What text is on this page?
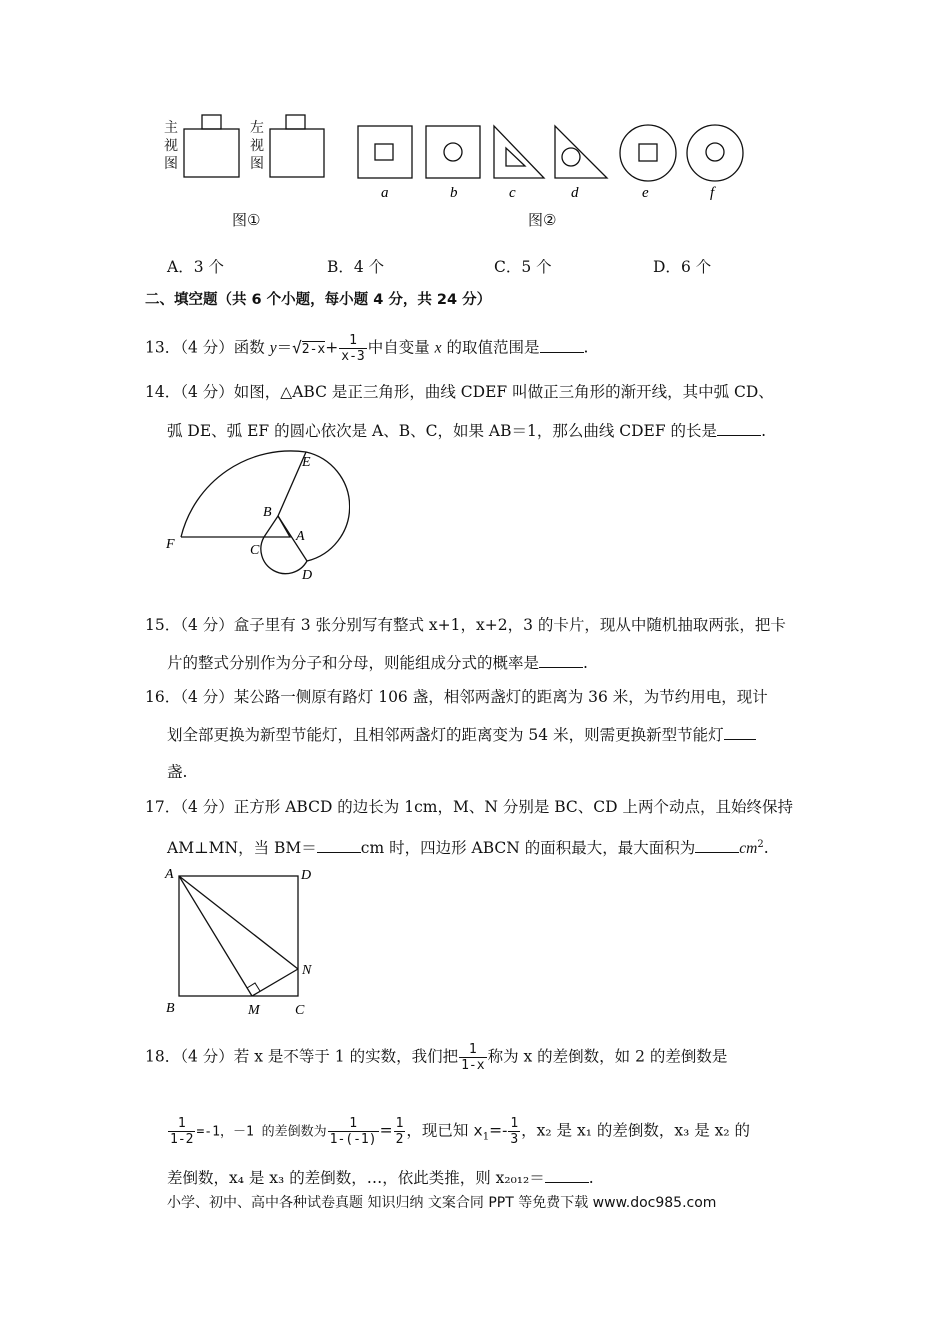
a	b	c	d	e	f
主
视
图
左
视
图
图①	图②
A．3 个	B．4 个	C．5 个	D．6 个
二、填空题（共 6 个小题，每小题 4 分，共 24 分）
13．（4 分）函数 $y=√2-x+ \frac{1}{x-3}$ 中自变量 x 的取值范围是	.
14．（4 分）如图，△ABC 是正三角形，曲线 CDEF 叫做正三角形的渐开线，其中弧 CD、
弧 DE、弧 EF 的圆心依次是 A、B、C，如果 AB＝1，那么曲线 CDEF 的长是	.
E
B
A
F	C
D
15．（4 分）盒子里有 3 张分别写有整式 x+1，x+2，3 的卡片，现从中随机抽取两张，把卡
片的整式分别作为分子和分母，则能组成分式的概率是	.
16．（4 分）某公路一侧原有路灯 106 盏，相邻两盏灯的距离为 36 米，为节约用电，现计
划全部更换为新型节能灯，且相邻两盏灯的距离变为 54 米，则需更换新型节能灯
盏.
17．（4 分）正方形 ABCD 的边长为 1cm，M、N 分别是 BC、CD 上两个动点，且始终保持
AM⊥MN，当 BM＝	cm 时，四边形 ABCN 的面积最大，最大面积为	$cm^2$.
A	D
N
B	M	C
18．（4 分）若 x 是不等于 1 的实数，我们把 $\frac{1}{1-x}$ 称为 x 的差倒数，如 2 的差倒数是
$\frac{1}{1-2} =-1$，－1 的差倒数为 $\frac{1}{1-(-1)} = \frac{1}{2}$ ，现已知 $x_1=- \frac{1}{3}$ ，x₂ 是 x₁ 的差倒数，x₃ 是 x₂ 的
差倒数，x₄ 是 x₃ 的差倒数，…，依此类推，则 x₂₀₁₂＝	.
小学、初中、高中各种试卷真题 知识归纳 文案合同 PPT 等免费下载 www.doc985.com
